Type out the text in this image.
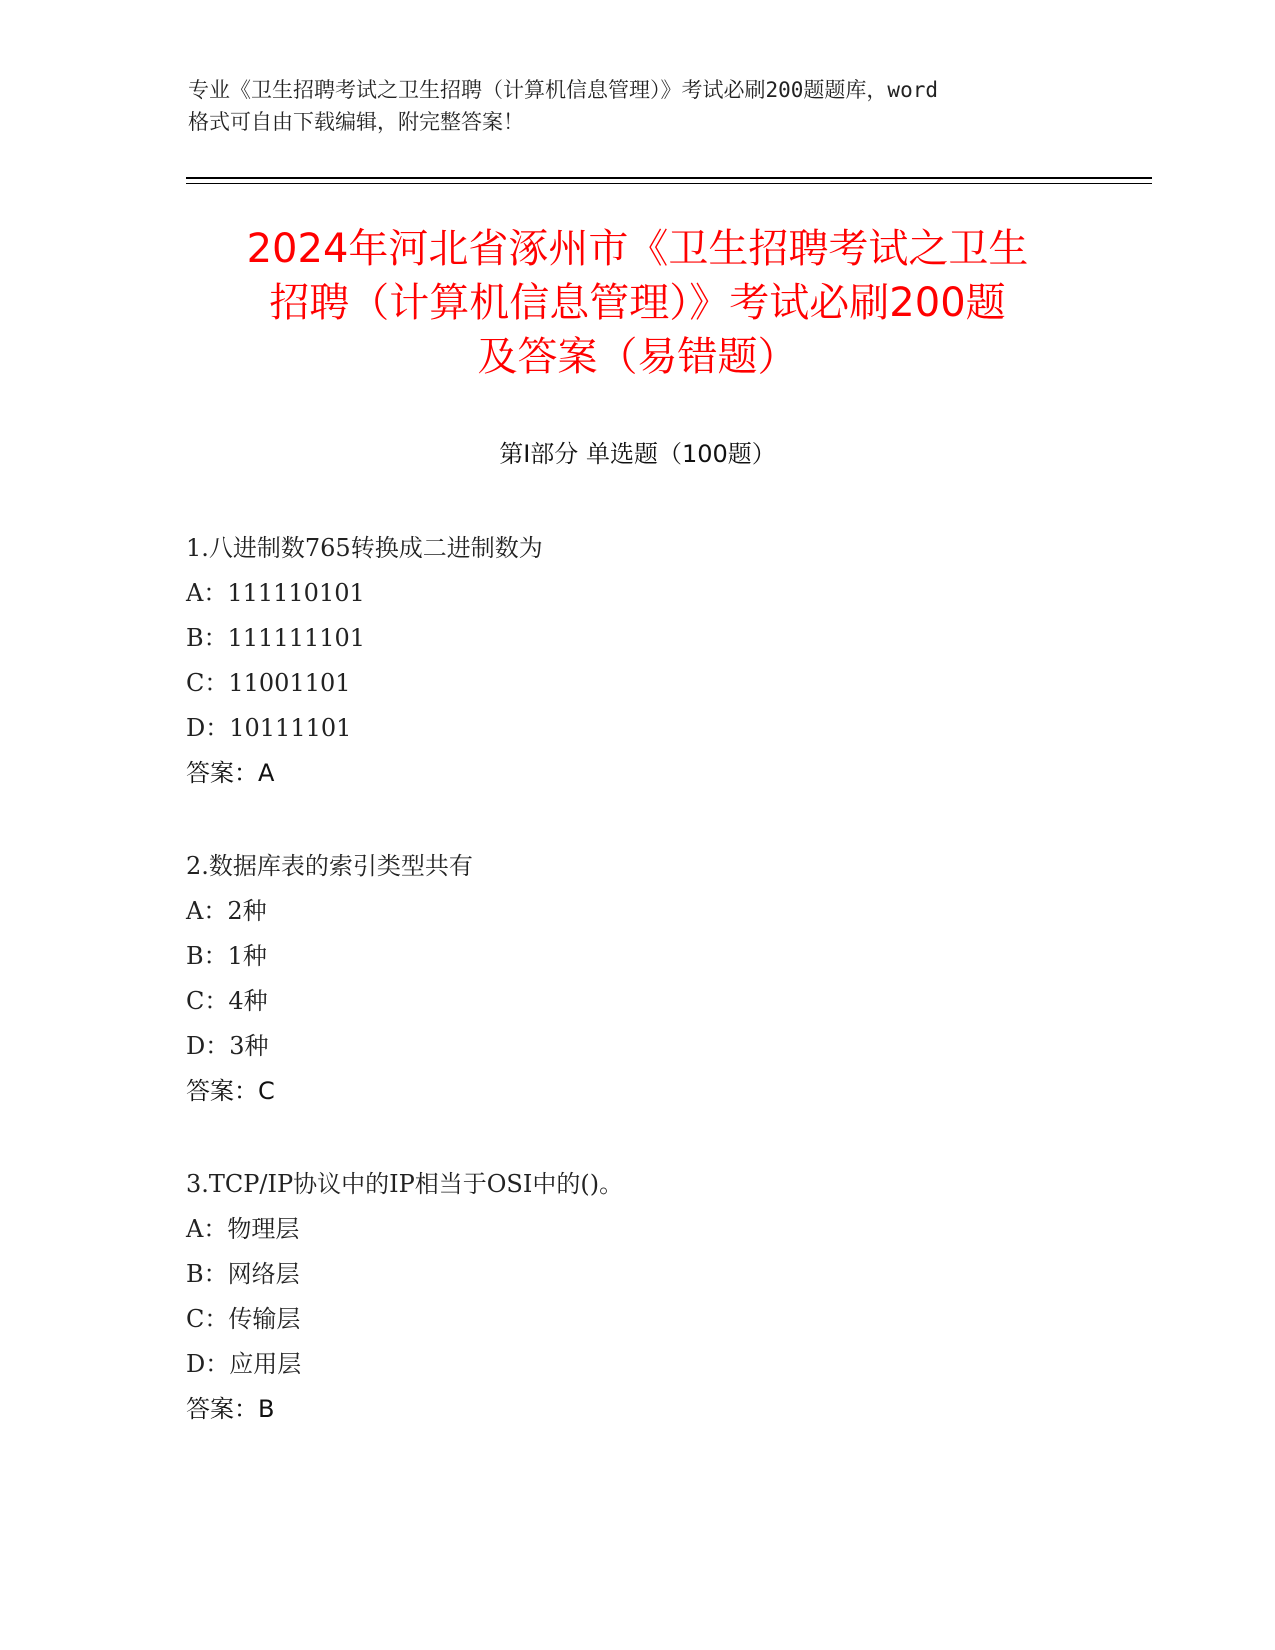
专业《卫生招聘考试之卫生招聘（计算机信息管理）》考试必刷200题题库，word
格式可自由下载编辑，附完整答案！
2024年河北省涿州市《卫生招聘考试之卫生
招聘（计算机信息管理）》考试必刷200题
及答案（易错题）
第Ⅰ部分 单选题（100题）
1.八进制数765转换成二进制数为
A：111110101
B：111111101
C：11001101
D：10111101
答案：A
2.数据库表的索引类型共有
A：2种
B：1种
C：4种
D：3种
答案：C
3.TCP/IP协议中的IP相当于OSI中的()。
A：物理层
B：网络层
C：传输层
D：应用层
答案：B
